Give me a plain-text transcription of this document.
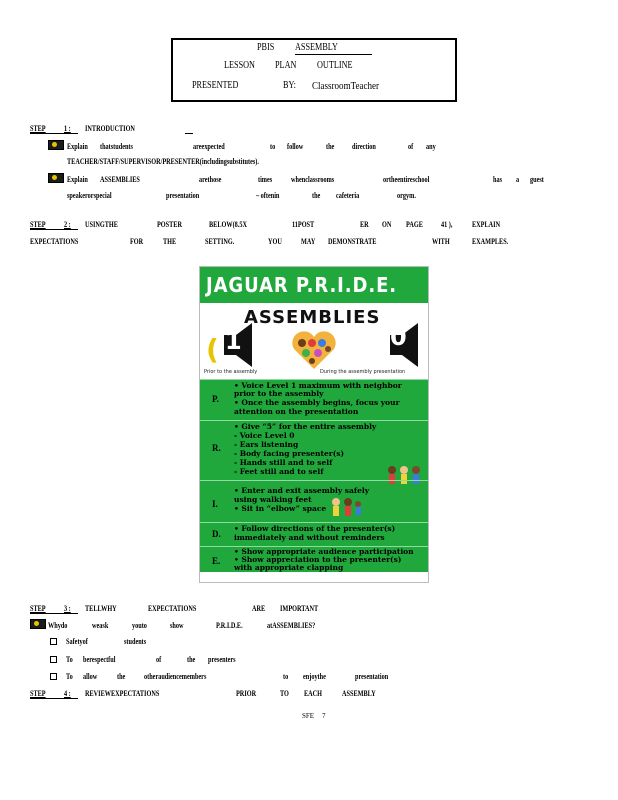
PBIS ASSEMBLY
LESSON PLAN OUTLINE
PRESENTED	BY: ClassroomTeacher
STEP 1 : INTRODUCTION
Explain thatstudents	areexpected	to follow	the direction	of any
TEACHER/STAFF/SUPERVISOR/PRESENTER(includingsubstitutes).
Explain ASSEMBLIES	arethose	times whenclassrooms	ortheentireschool	has a guest
speakerorspecial	presentation	– oftenin	the cafeteria	orgym.
STEP 2 : USINGTHE	POSTER	BELOW(8.5X	11POST	ER ON PAGE 41 ), EXPLAIN
EXPECTATIONS	FOR THE	SETTING.	YOU MAY DEMONSTRATE	WITH	EXAMPLES.
JAGUAR P.R.I.D.E.
ASSEMBLIES
( 1
Prior to the assembly
0
During the assembly presentation
P.
• Voice Level 1 maximum with neighbor
prior to the assembly
• Once the assembly begins, focus your
attention on the presentation
R.
• Give “5” for the entire assembly
- Voice Level 0
- Ears listening
- Body facing presenter(s)
- Hands still and to self
- Feet still and to self
I.
• Enter and exit assembly safely
using walking feet
• Sit in “elbow” space
D.
• Follow directions of the presenter(s)
immediately and without reminders
E.
• Show appropriate audience participation
• Show appreciation to the presenter(s)
with appropriate clapping
STEP 3 : TELLWHY	EXPECTATIONS	ARE IMPORTANT
Whydo	weask	youto	show	P.R.I.D.E.	atASSEMBLIES?
Safetyof	students
To berespectful	of	the presenters
To allow the otheraudiencemembers	to enjoythe	presentation
STEP 4 : REVIEWEXPECTATIONS	PRIOR	TO EACH ASSEMBLY
SFE 7
